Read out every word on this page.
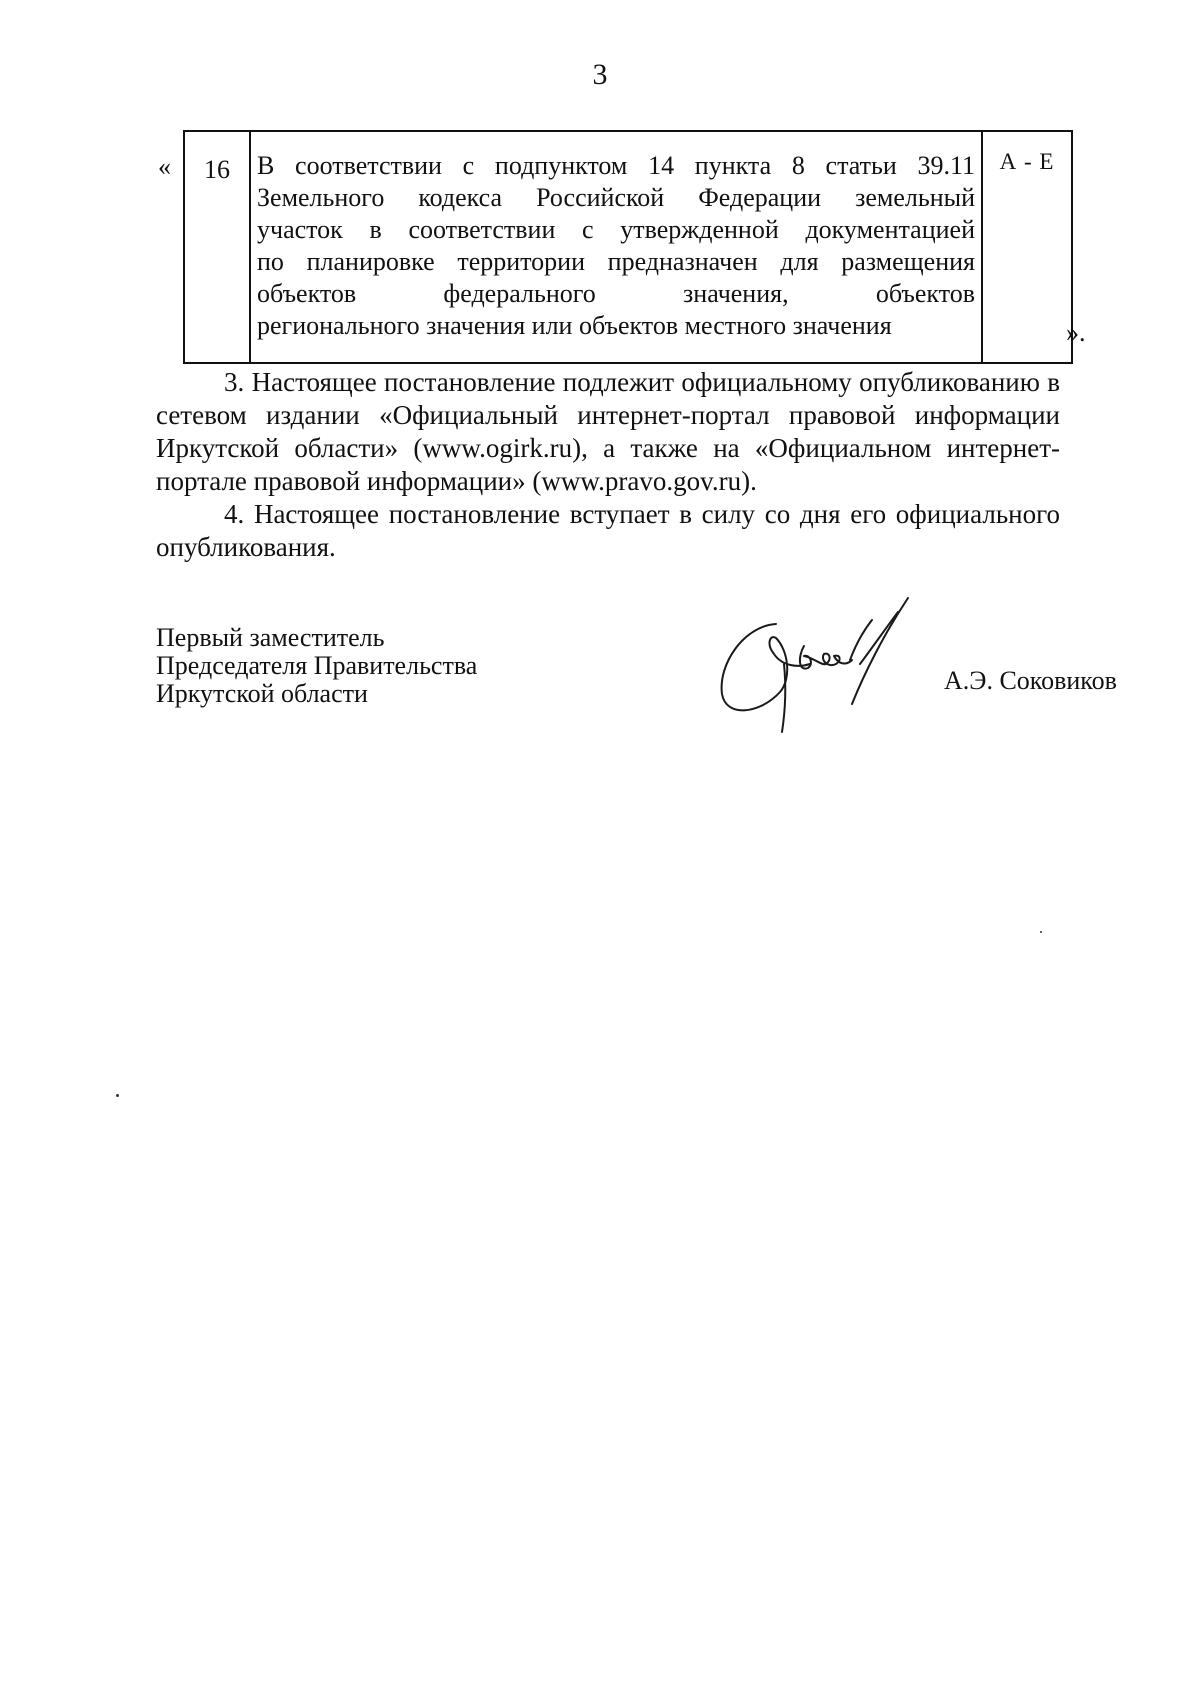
3
« 16	В соответствии с подпунктом 14 пункта 8 статьи 39.11
Земельного кодекса Российской Федерации земельный
участок в соответствии с утвержденной документацией
по планировке территории предназначен для размещения
объектов федерального значения, объектов
регионального значения или объектов местного значения
	А - Е
».

3. Настоящее постановление подлежит официальному опубликованию в сетевом издании «Официальный интернет-портал правовой информации Иркутской области» (www.ogirk.ru), а также на «Официальном интернет-портале правовой информации» (www.pravo.gov.ru).

4. Настоящее постановление вступает в силу со дня его официального опубликования.

Первый заместитель
Председателя Правительства
Иркутской области	А.Э. Соковиков
